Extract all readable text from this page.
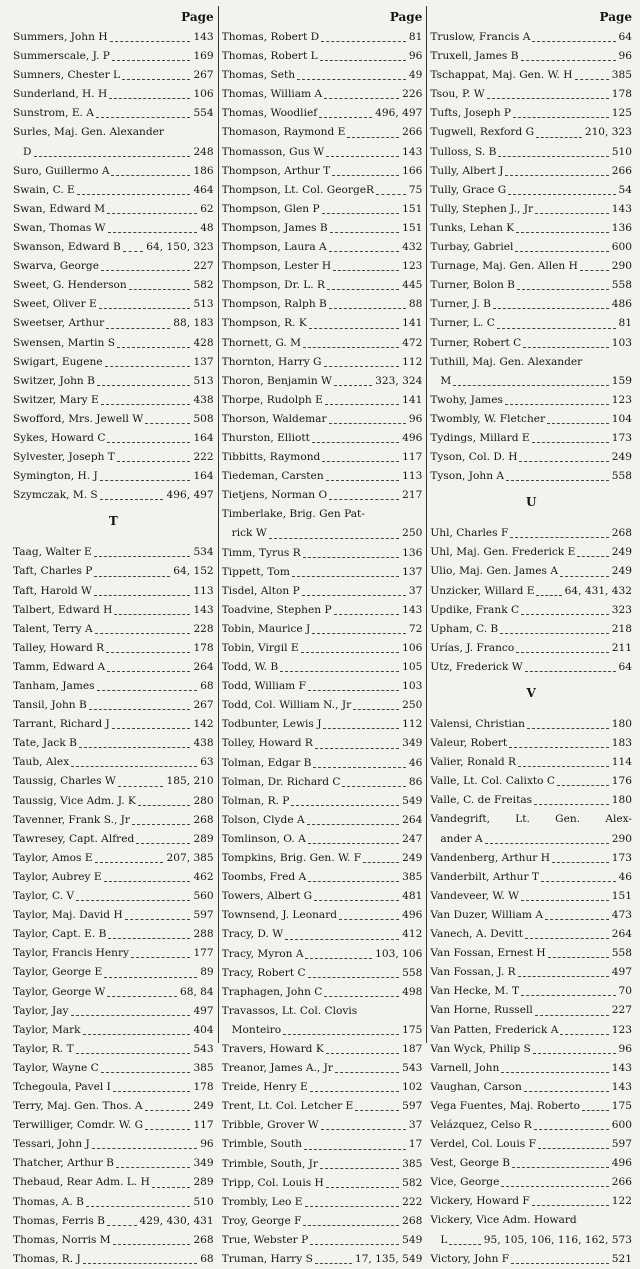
Page
Summers, John H	143
Summerscale, J. P	169
Sumners, Chester L	267
Sunderland, H. H	106
Sunstrom, E. A	554
Surles, Maj. Gen. Alexander
D	248
Suro, Guillermo A	186
Swain, C. E	464
Swan, Edward M	62
Swan, Thomas W	48
Swanson, Edward B 64, 150, 323
Swarva, George	227
Sweet, G. Henderson	582
Sweet, Oliver E	513
Sweetser, Arthur	88, 183
Swensen, Martin S	428
Swigart, Eugene	137
Switzer, John B	513
Switzer, Mary E	438
Swofford, Mrs. Jewell W	508
Sykes, Howard C	164
Sylvester, Joseph T	222
Symington, H. J	164
Szymczak, M. S	496, 497
T
Taag, Walter E	534
Taft, Charles P	64, 152
Taft, Harold W	113
Talbert, Edward H	143
Talent, Terry A	228
Talley, Howard R	178
Tamm, Edward A	264
Tanham, James	68
Tansil, John B	267
Tarrant, Richard J	142
Tate, Jack B	438
Taub, Alex	63
Taussig, Charles W	185, 210
Taussig, Vice Adm. J. K	280
Tavenner, Frank S., Jr	268
Tawresey, Capt. Alfred	289
Taylor, Amos E	207, 385
Taylor, Aubrey E	462
Taylor, C. V	560
Taylor, Maj. David H	597
Taylor, Capt. E. B	288
Taylor, Francis Henry	177
Taylor, George E	89
Taylor, George W	68, 84
Taylor, Jay	497
Taylor, Mark	404
Taylor, R. T	543
Taylor, Wayne C	385
Tchegoula, Pavel I	178
Terry, Maj. Gen. Thos. A	249
Terwilliger, Comdr. W. G	117
Tessari, John J	96
Thatcher, Arthur B	349
Thebaud, Rear Adm. L. H	289
Thomas, A. B	510
Thomas, Ferris B	429, 430, 431
Thomas, Norris M	268
Thomas, R. J	68
Page
Thomas, Robert D	81
Thomas, Robert L	96
Thomas, Seth	49
Thomas, William A	226
Thomas, Woodlief	496, 497
Thomason, Raymond E	266
Thomasson, Gus W	143
Thompson, Arthur T	166
Thompson, Lt. Col. GeorgeR	75
Thompson, Glen P	151
Thompson, James B	151
Thompson, Laura A	432
Thompson, Lester H	123
Thompson, Dr. L. R	445
Thompson, Ralph B	88
Thompson, R. K	141
Thornett, G. M	472
Thornton, Harry G	112
Thoron, Benjamin W	323, 324
Thorpe, Rudolph E	141
Thorson, Waldemar	96
Thurston, Elliott	496
Tibbitts, Raymond	117
Tiedeman, Carsten	113
Tietjens, Norman O	217
Timberlake, Brig. Gen Pat-
rick W	250
Timm, Tyrus R	136
Tippett, Tom	137
Tisdel, Alton P	37
Toadvine, Stephen P	143
Tobin, Maurice J	72
Tobin, Virgil E	106
Todd, W. B	105
Todd, William F	103
Todd, Col. William N., Jr	250
Todbunter, Lewis J	112
Tolley, Howard R	349
Tolman, Edgar B	46
Tolman, Dr. Richard C	86
Tolman, R. P	549
Tolson, Clyde A	264
Tomlinson, O. A	247
Tompkins, Brig. Gen. W. F	249
Toombs, Fred A	385
Towers, Albert G	481
Townsend, J. Leonard	496
Tracy, D. W	412
Tracy, Myron A	103, 106
Tracy, Robert C	558
Traphagen, John C	498
Travassos, Lt. Col. Clovis
Monteiro	175
Travers, Howard K	187
Treanor, James A., Jr	543
Treide, Henry E	102
Trent, Lt. Col. Letcher E	597
Tribble, Grover W	37
Trimble, South	17
Trimble, South, Jr	385
Tripp, Col. Louis H	582
Trombly, Leo E	222
Troy, George F	268
True, Webster P	549
Truman, Harry S	17, 135, 549
Page
Truslow, Francis A	64
Truxell, James B	96
Tschappat, Maj. Gen. W. H	385
Tsou, P. W	178
Tufts, Joseph P	125
Tugwell, Rexford G	210, 323
Tulloss, S. B	510
Tully, Albert J	266
Tully, Grace G	54
Tully, Stephen J., Jr	143
Tunks, Lehan K	136
Turbay, Gabriel	600
Turnage, Maj. Gen. Allen H	290
Turner, Bolon B	558
Turner, J. B	486
Turner, L. C	81
Turner, Robert C	103
Tuthill, Maj. Gen. Alexander
M	159
Twohy, James	123
Twombly, W. Fletcher	104
Tydings, Millard E	173
Tyson, Col. D. H	249
Tyson, John A	558
U
Uhl, Charles F	268
Uhl, Maj. Gen. Frederick E	249
Ulio, Maj. Gen. James A	249
Unzicker, Willard E	64, 431, 432
Updike, Frank C	323
Upham, C. B	218
Urías, J. Franco	211
Utz, Frederick W	64
V
Valensi, Christian	180
Valeur, Robert	183
Valier, Ronald R	114
Valle, Lt. Col. Calixto C	176
Valle, C. de Freitas	180
Vandegrift, Lt. Gen. Alex-
ander A	290
Vandenberg, Arthur H	173
Vanderbilt, Arthur T	46
Vandeveer, W. W	151
Van Duzer, William A	473
Vanech, A. Devitt	264
Van Fossan, Ernest H	558
Van Fossan, J. R	497
Van Hecke, M. T	70
Van Horne, Russell	227
Van Patten, Frederick A	123
Van Wyck, Philip S	96
Varnell, John	143
Vaughan, Carson	143
Vega Fuentes, Maj. Roberto	175
Velázquez, Celso R	600
Verdel, Col. Louis F	597
Vest, George B	496
Vice, George	266
Vickery, Howard F	122
Vickery, Vice Adm. Howard
L	95, 105, 106, 116, 162, 573
Victory, John F	521
